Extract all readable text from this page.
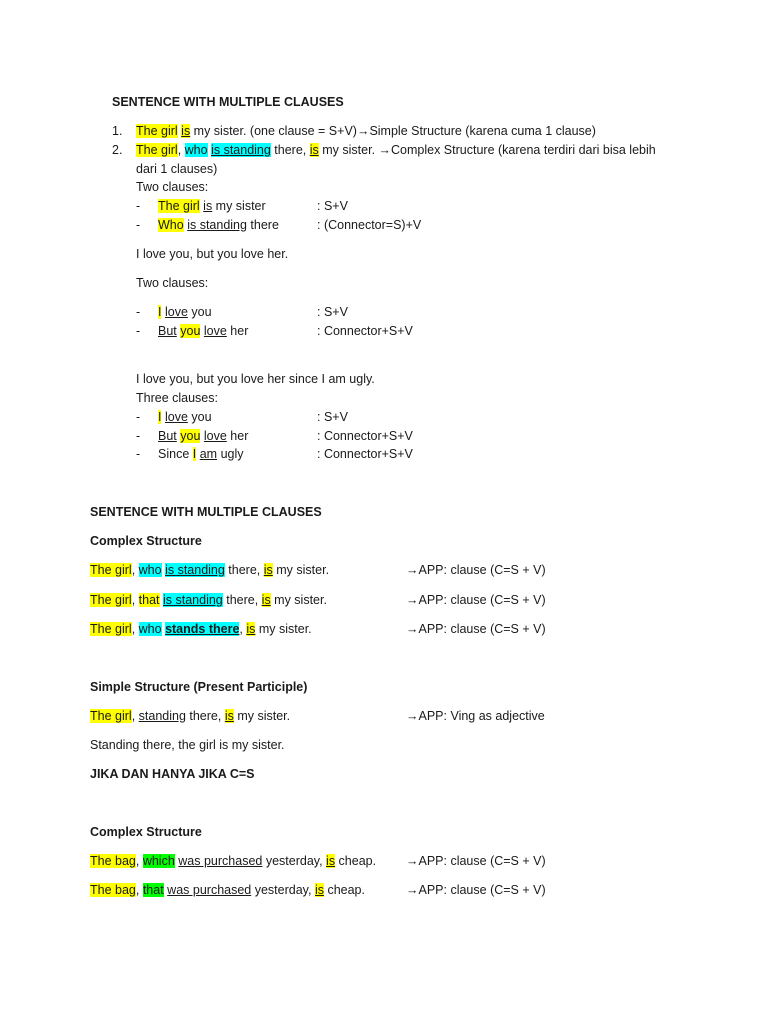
SENTENCE WITH MULTIPLE CLAUSES
1. The girl is my sister. (one clause = S+V)→Simple Structure (karena cuma 1 clause)
2. The girl, who is standing there, is my sister. →Complex Structure (karena terdiri dari bisa lebih
dari 1 clauses)
Two clauses:
- The girl is my sister	: S+V
- Who is standing there	: (Connector=S)+V
I love you, but you love her.
Two clauses:
- I love you	: S+V
- But you love her	: Connector+S+V
I love you, but you love her since I am ugly.
Three clauses:
- I love you	: S+V
- But you love her	: Connector+S+V
- Since I am ugly	: Connector+S+V
SENTENCE WITH MULTIPLE CLAUSES
Complex Structure
The girl, who is standing there, is my sister.	→APP: clause (C=S + V)
The girl, that is standing there, is my sister.	→APP: clause (C=S + V)
The girl, who stands there, is my sister.	→APP: clause (C=S + V)
Simple Structure (Present Participle)
The girl, standing there, is my sister.	→APP: Ving as adjective
Standing there, the girl is my sister.
JIKA DAN HANYA JIKA C=S
Complex Structure
The bag, which was purchased yesterday, is cheap. →APP: clause (C=S + V)
The bag, that was purchased yesterday, is cheap.	→APP: clause (C=S + V)
